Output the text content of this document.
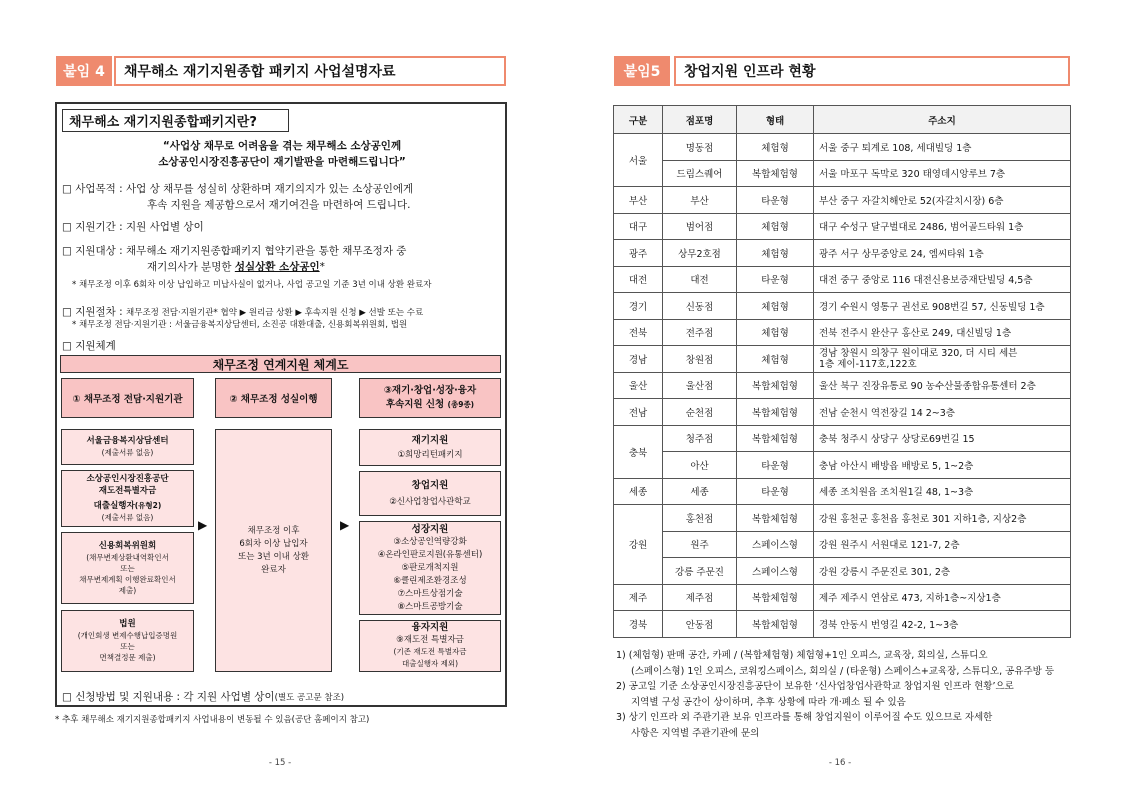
붙임 4	채무해소 재기지원종합 패키지 사업설명자료
채무해소 재기지원종합패키지란?
“사업상 채무로 어려움을 겪는 채무해소 소상공인께
소상공인시장진흥공단이 재기발판을 마련해드립니다”
□ 사업목적 : 사업 상 채무를 성실히 상환하며 재기의지가 있는 소상공인에게
후속 지원을 제공함으로서 재기여건을 마련하여 드립니다.
□ 지원기간 : 지원 사업별 상이
□ 지원대상 : 채무해소 재기지원종합패키지 협약기관을 통한 채무조정자 중
재기의사가 분명한 성실상환 소상공인*
* 채무조정 이후 6회차 이상 납입하고 미납사실이 없거나, 사업 공고일 기준 3년 이내 상환 완료자
□ 지원절차 : 채무조정 전담·지원기관* 협약 ▶ 원리금 상환 ▶ 후속지원 신청 ▶ 선발 또는 수료
* 채무조정 전담·지원기관 : 서울금융복지상담센터, 소진공 대환대출, 신용회복위원회, 법원
□ 지원체계
채무조정 연계지원 체계도
① 채무조정 전담·지원기관	② 채무조정 성실이행
③재기·창업·성장·융자
후속지원 신청 (총9종)
서울금융복지상담센터
(제출서류 없음)
소상공인시장진흥공단
재도전특별자금
대출실행자(유형2)
(제출서류 없음)
신용회복위원회
(채무변제상환내역확인서
또는
채무변제계획 이행완료확인서
제출)
법원
(개인회생 변제수행납입증명원
또는
면책결정문 제출)
▶	▶
채무조정 이후
6회차 이상 납입자
또는 3년 이내 상환
완료자
재기지원
①희망리턴패키지
창업지원
②신사업창업사관학교
성장지원
③소상공인역량강화
④온라인판로지원(유통센터)
⑤판로개척지원
⑥클린제조환경조성
⑦스마트상점기술
⑧스마트공방기술
융자지원
⑨재도전 특별자금
(기존 재도전 특별자금
대출실행자 제외)
□ 신청방법 및 지원내용 : 각 지원 사업별 상이(별도 공고문 참조)
* 추후 채무해소 재기지원종합패키지 사업내용이 변동될 수 있음(공단 홈페이지 참고)
- 15 -
붙임5	창업지원 인프라 현황
구분	점포명	형태	주소지
서울	명동점	체험형	서울 중구 퇴계로 108, 세대빌딩 1층
	드림스퀘어	복합체험형	서울 마포구 독막로 320 태영데시앙루브 7층
부산	부산	타운형	부산 중구 자갈치해안로 52(자갈치시장) 6층
대구	범어점	체험형	대구 수성구 달구벌대로 2486, 범어골드타워 1층
광주	상무2호점	체험형	광주 서구 상무중앙로 24, 엠씨타워 1층
대전	대전	타운형	대전 중구 중앙로 116 대전신용보증재단빌딩 4,5층
경기	신동점	체험형	경기 수원시 영통구 권선로 908번길 57, 신동빌딩 1층
전북	전주점	체험형	전북 전주시 완산구 홍산로 249, 대신빌딩 1층
경남	창원점	체험형	경남 창원시 의창구 원이대로 320, 더 시티 세븐
1층 제이-117호,122호

울산	울산점	복합체험형	울산 북구 진장유통로 90 농수산물종합유통센터 2층
전남	순천점	복합체험형	전남 순천시 역전장길 14 2~3층
충북	청주점	복합체험형	충북 청주시 상당구 상당로69번길 15
	아산	타운형	충남 아산시 배방읍 배방로 5, 1~2층
세종	세종	타운형	세종 조치원읍 조치원1길 48, 1~3층
강원	홍천점	복합체험형	강원 홍천군 홍천읍 홍천로 301 지하1층, 지상2층
	원주	스페이스형	강원 원주시 서원대로 121-7, 2층
	강릉 주문진	스페이스형	강원 강릉시 주문진로 301, 2층
제주	제주점	복합체험형	제주 제주시 연삼로 473, 지하1층~지상1층
경북	안동점	복합체험형	경북 안동시 번영길 42-2, 1~3층
1) (체험형) 판매 공간, 카페 / (복합체험형) 체험형+1인 오피스, 교육장, 회의실, 스튜디오
(스페이스형) 1인 오피스, 코워킹스페이스, 회의실 / (타운형) 스페이스+교육장, 스튜디오, 공유주방 등
2) 공고일 기준 소상공인시장진흥공단이 보유한 ‘신사업창업사관학교 창업지원 인프라 현황’으로
지역별 구성 공간이 상이하며, 추후 상황에 따라 개·폐소 될 수 있음
3) 상기 인프라 외 주관기관 보유 인프라를 통해 창업지원이 이루어질 수도 있으므로 자세한
사항은 지역별 주관기관에 문의
- 16 -
